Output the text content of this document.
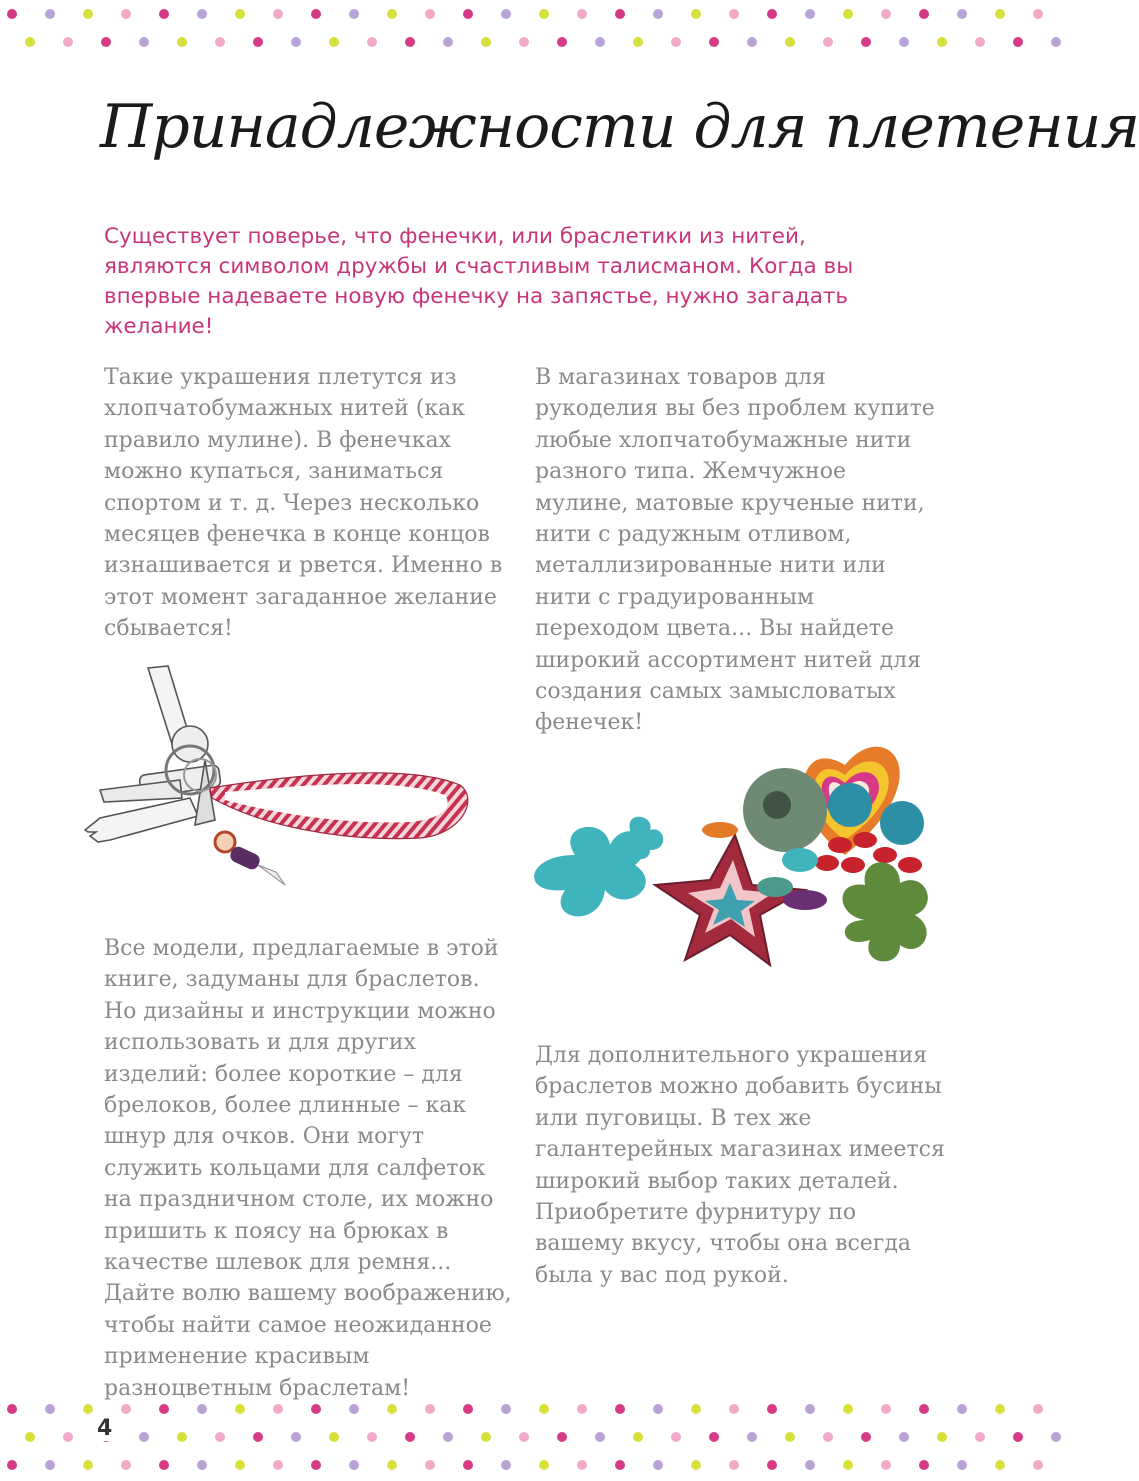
Принадлежности для плетения

Существует поверье, что фенечки, или браслетики из нитей, являются символом дружбы и счастливым талисманом. Когда вы впервые надеваете новую фенечку на запястье, нужно загадать желание!

Такие украшения плетутся из хлопчатобумажных нитей (как правило мулине). В фенечках можно купаться, заниматься спортом и т. д. Через несколько месяцев фенечка в конце концов изнашивается и рвется. Именно в этот момент загаданное желание сбывается!

В магазинах товаров для рукоделия вы без проблем купите любые хлопчатобумажные нити разного типа. Жемчужное мулине, матовые крученые нити, нити с радужным отливом, металлизированные нити или нити с градуированным переходом цвета... Вы найдете широкий ассортимент нитей для создания самых замысловатых фенечек!

Все модели, предлагаемые в этой книге, задуманы для браслетов. Но дизайны и инструкции можно использовать и для других изделий: более короткие – для брелоков, более длинные – как шнур для очков. Они могут служить кольцами для салфеток на праздничном столе, их можно пришить к поясу на брюках в качестве шлевок для ремня... Дайте волю вашему воображению, чтобы найти самое неожиданное применение красивым разноцветным браслетам!

Для дополнительного украшения браслетов можно добавить бусины или пуговицы. В тех же галантерейных магазинах имеется широкий выбор таких деталей. Приобретите фурнитуру по вашему вкусу, чтобы она всегда была у вас под рукой.

4
